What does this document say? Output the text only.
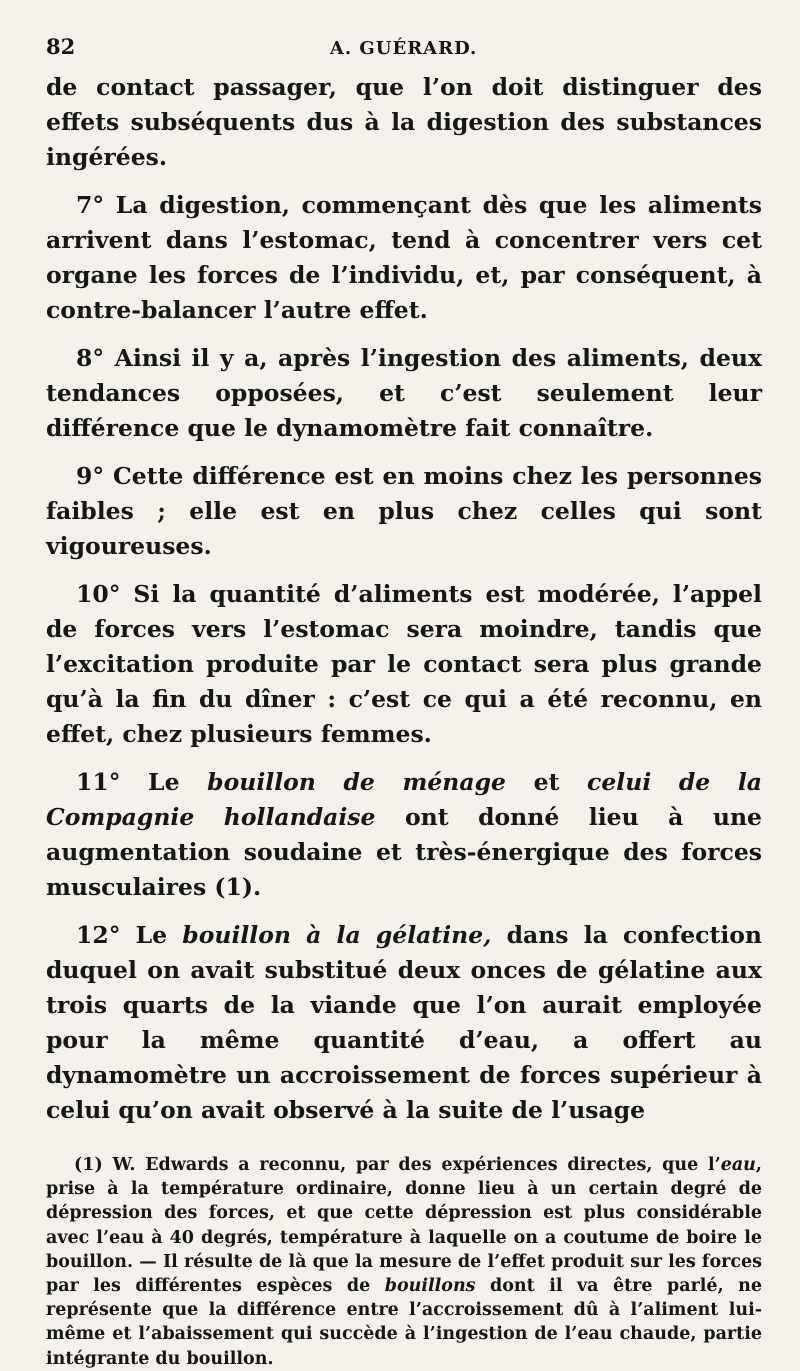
82	A. GUÉRARD.

de contact passager, que l’on doit distinguer des effets subséquents dus à la digestion des substances ingérées.

7° La digestion, commençant dès que les aliments arrivent dans l’estomac, tend à concentrer vers cet organe les forces de l’individu, et, par conséquent, à contre-balancer l’autre effet.

8° Ainsi il y a, après l’ingestion des aliments, deux tendances opposées, et c’est seulement leur différence que le dynamomètre fait connaître.

9° Cette différence est en moins chez les personnes faibles ; elle est en plus chez celles qui sont vigoureuses.

10° Si la quantité d’aliments est modérée, l’appel de forces vers l’estomac sera moindre, tandis que l’excitation produite par le contact sera plus grande qu’à la fin du dîner : c’est ce qui a été reconnu, en effet, chez plusieurs femmes.

11° Le bouillon de ménage et celui de la Compagnie hollandaise ont donné lieu à une augmentation soudaine et très-énergique des forces musculaires (1).

12° Le bouillon à la gélatine, dans la confection duquel on avait substitué deux onces de gélatine aux trois quarts de la viande que l’on aurait employée pour la même quantité d’eau, a offert au dynamomètre un accroissement de forces supérieur à celui qu’on avait observé à la suite de l’usage

(1) W. Edwards a reconnu, par des expériences directes, que l’eau, prise à la température ordinaire, donne lieu à un certain degré de dépression des forces, et que cette dépression est plus considérable avec l’eau à 40 degrés, température à laquelle on a coutume de boire le bouillon. — Il résulte de là que la mesure de l’effet produit sur les forces par les différentes espèces de bouillons dont il va être parlé, ne représente que la différence entre l’accroissement dû à l’aliment lui-même et l’abaissement qui succède à l’ingestion de l’eau chaude, partie intégrante du bouillon.
